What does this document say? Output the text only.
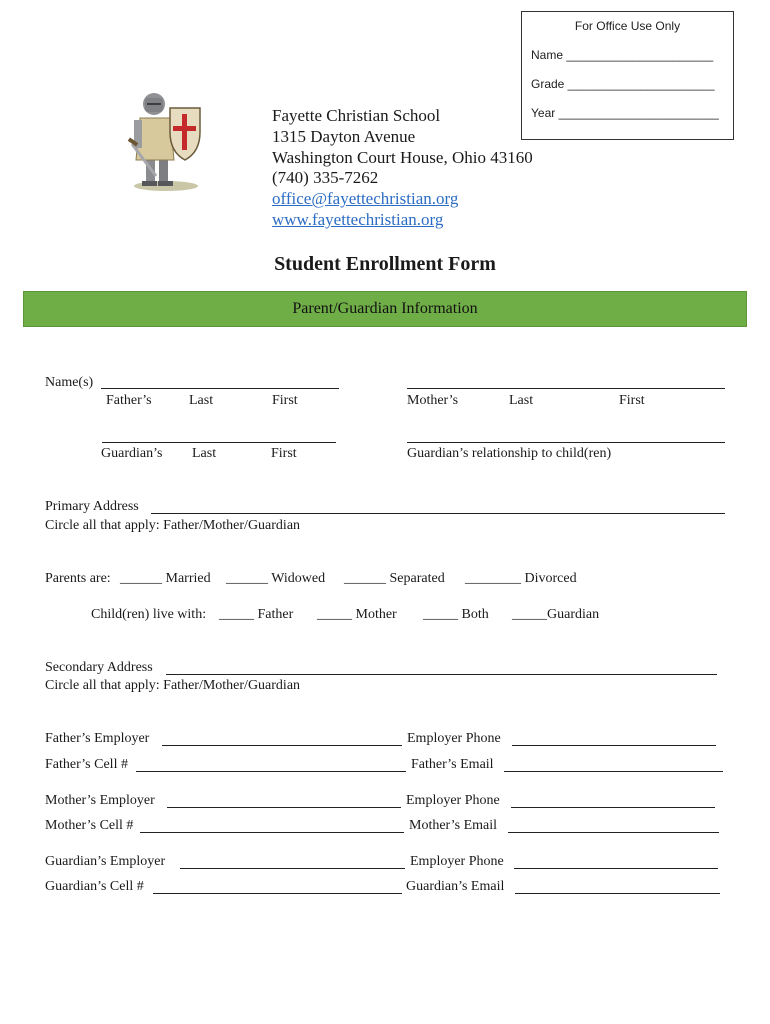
For Office Use Only
Name ______________________
Grade ______________________
Year ________________________
Fayette Christian School
1315 Dayton Avenue
Washington Court House, Ohio 43160
(740) 335-7262
office@fayettechristian.org
www.fayettechristian.org
Student Enrollment Form
Parent/Guardian Information
Name(s)
Father’s	Last	First	Mother’s	Last	First
Guardian’s Last	First	Guardian’s relationship to child(ren)
Primary Address
Circle all that apply: Father/Mother/Guardian
Parents are: ______ Married ______ Widowed ______ Separated ________ Divorced
Child(ren) live with: _____ Father _____ Mother _____ Both _____Guardian
Secondary Address
Circle all that apply: Father/Mother/Guardian
Father’s Employer	Employer Phone
Father’s Cell #	Father’s Email
Mother’s Employer	Employer Phone
Mother’s Cell #	Mother’s Email
Guardian’s Employer	Employer Phone
Guardian’s Cell #	Guardian’s Email
